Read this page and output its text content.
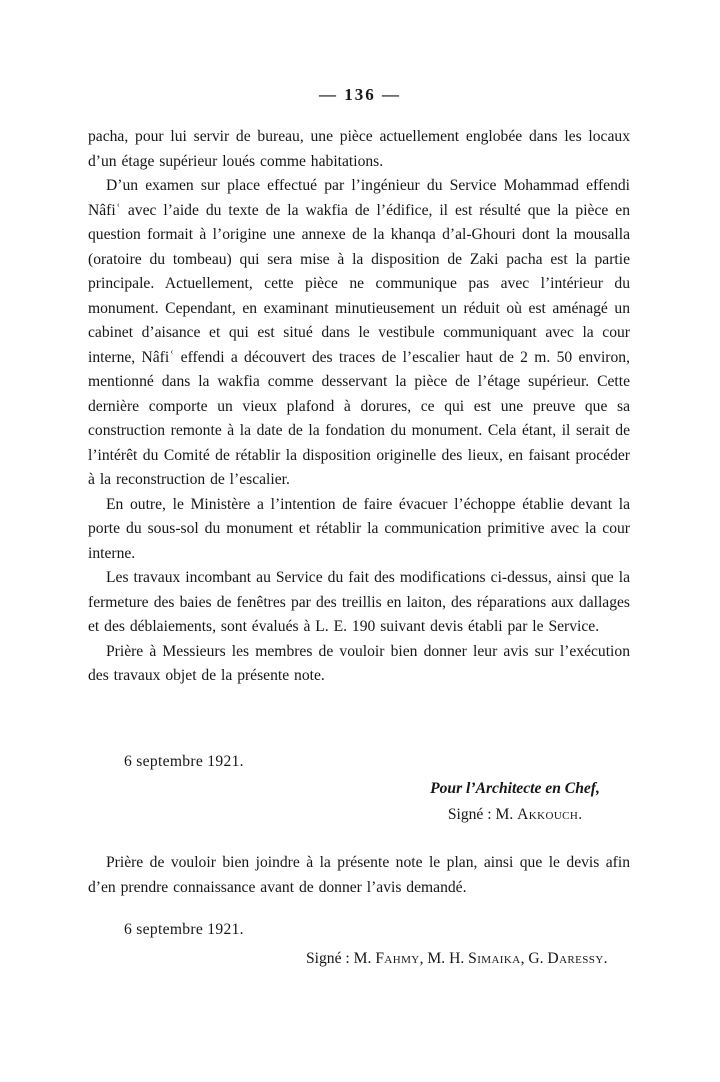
— 136 —

pacha, pour lui servir de bureau, une pièce actuellement englobée dans les locaux d’un étage supérieur loués comme habitations.

D’un examen sur place effectué par l’ingénieur du Service Mohammad effendi Nâfiʿ avec l’aide du texte de la wakfia de l’édifice, il est résulté que la pièce en question formait à l’origine une annexe de la khanqa d’al-Ghouri dont la mousalla (oratoire du tombeau) qui sera mise à la disposition de Zaki pacha est la partie principale. Actuellement, cette pièce ne communique pas avec l’intérieur du monument. Cependant, en examinant minutieusement un réduit où est aménagé un cabinet d’aisance et qui est situé dans le vestibule communiquant avec la cour interne, Nâfiʿ effendi a découvert des traces de l’escalier haut de 2 m. 50 environ, mentionné dans la wakfia comme desservant la pièce de l’étage supérieur. Cette dernière comporte un vieux plafond à dorures, ce qui est une preuve que sa construction remonte à la date de la fondation du monument. Cela étant, il serait de l’intérêt du Comité de rétablir la disposition originelle des lieux, en faisant procéder à la reconstruction de l’escalier.

En outre, le Ministère a l’intention de faire évacuer l’échoppe établie devant la porte du sous-sol du monument et rétablir la communication primitive avec la cour interne.

Les travaux incombant au Service du fait des modifications ci-dessus, ainsi que la fermeture des baies de fenêtres par des treillis en laiton, des réparations aux dallages et des déblaiements, sont évalués à L. E. 190 suivant devis établi par le Service.

Prière à Messieurs les membres de vouloir bien donner leur avis sur l’exécution des travaux objet de la présente note.

6 septembre 1921.
Pour l’Architecte en Chef,
Signé : M. Akkouch.

Prière de vouloir bien joindre à la présente note le plan, ainsi que le devis afin d’en prendre connaissance avant de donner l’avis demandé.

6 septembre 1921.
Signé : M. Fahmy, M. H. Simaika, G. Daressy.
